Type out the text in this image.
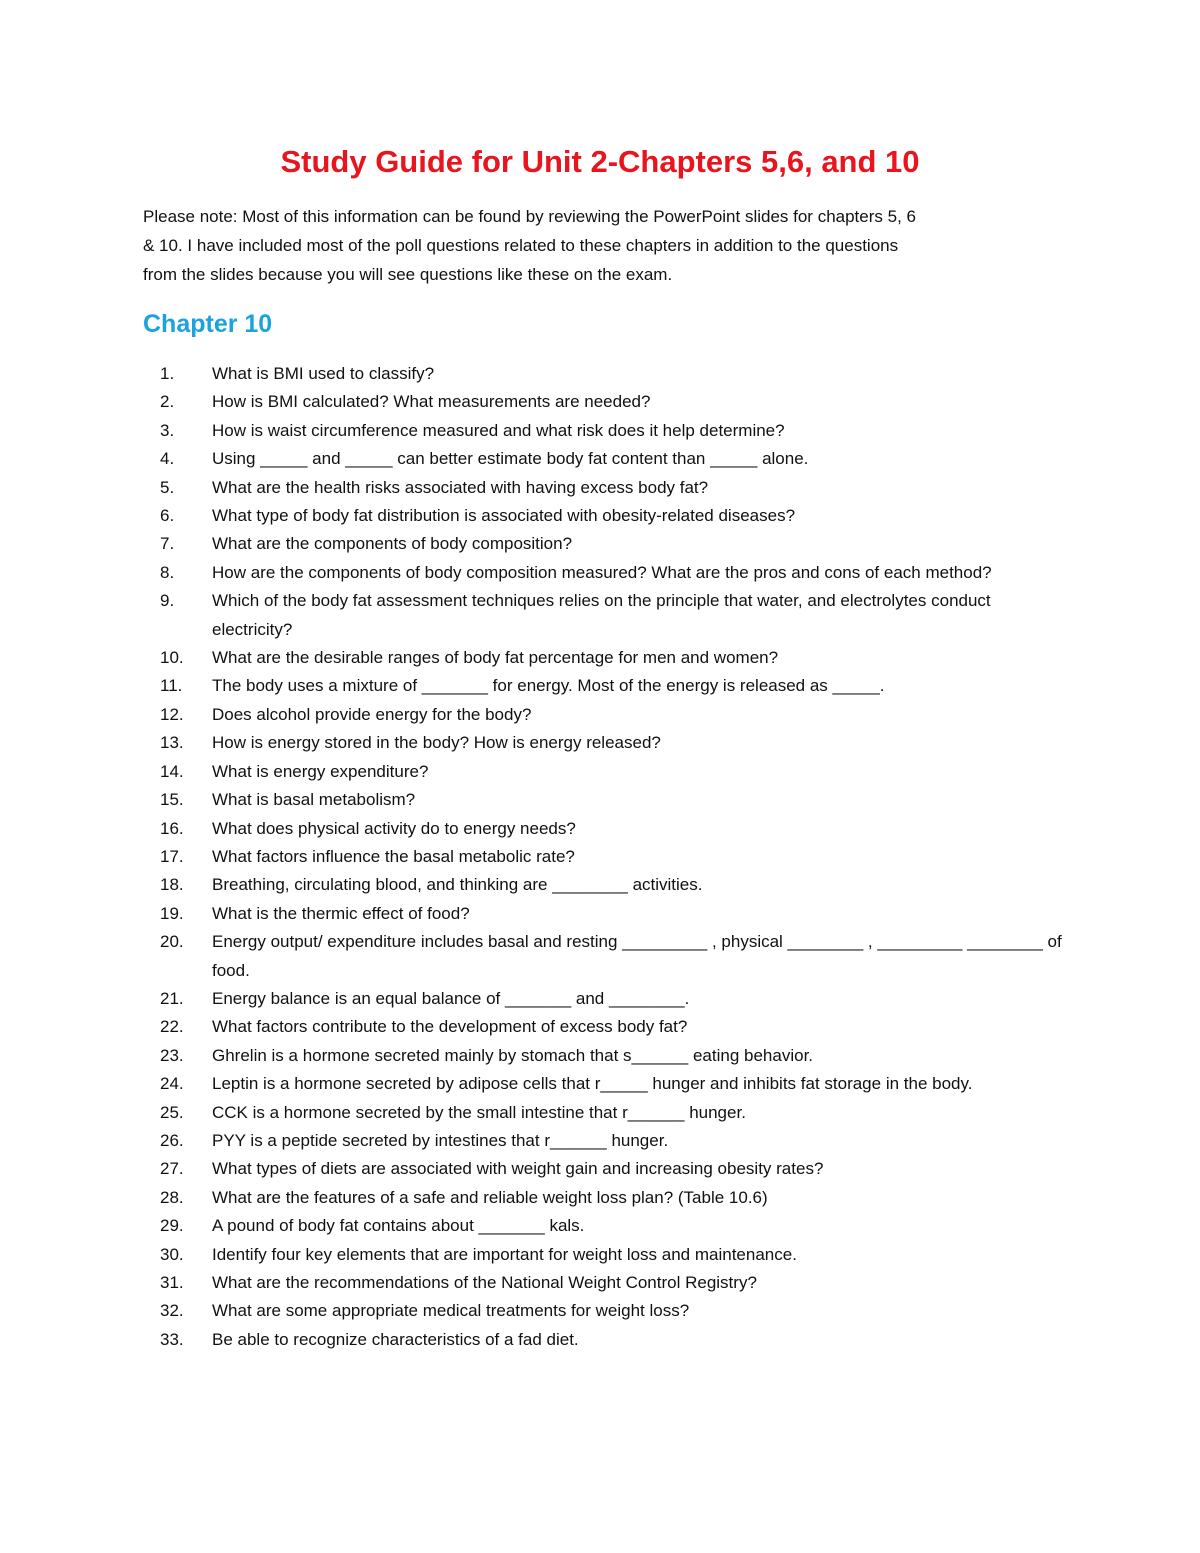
Study Guide for Unit 2-Chapters 5,6, and 10

Please note: Most of this information can be found by reviewing the PowerPoint slides for chapters 5, 6

& 10. I have included most of the poll questions related to these chapters in addition to the questions

from the slides because you will see questions like these on the exam.

Chapter 10
1.	What is BMI used to classify?
2.	How is BMI calculated? What measurements are needed?
3.	How is waist circumference measured and what risk does it help determine?
4.	Using _____ and _____ can better estimate body fat content than _____ alone.
5.	What are the health risks associated with having excess body fat?
6.	What type of body fat distribution is associated with obesity-related diseases?
7.	What are the components of body composition?
8.	How are the components of body composition measured? What are the pros and cons of each method?
9.	Which of the body fat assessment techniques relies on the principle that water, and electrolytes conduct electricity?
10.	What are the desirable ranges of body fat percentage for men and women?
11.	The body uses a mixture of _______ for energy. Most of the energy is released as _____.
12.	Does alcohol provide energy for the body?
13.	How is energy stored in the body? How is energy released?
14.	What is energy expenditure?
15.	What is basal metabolism?
16.	What does physical activity do to energy needs?
17.	What factors influence the basal metabolic rate?
18.	Breathing, circulating blood, and thinking are ________ activities.
19.	What is the thermic effect of food?
20.	Energy output/ expenditure includes basal and resting _________ , physical ________ , _________ ________ of food.
21.	Energy balance is an equal balance of _______ and ________.
22.	What factors contribute to the development of excess body fat?
23.	Ghrelin is a hormone secreted mainly by stomach that s______ eating behavior.
24.	Leptin is a hormone secreted by adipose cells that r_____ hunger and inhibits fat storage in the body.
25.	CCK is a hormone secreted by the small intestine that r______ hunger.
26.	PYY is a peptide secreted by intestines that r______ hunger.
27.	What types of diets are associated with weight gain and increasing obesity rates?
28.	What are the features of a safe and reliable weight loss plan? (Table 10.6)
29.	A pound of body fat contains about _______ kals.
30.	Identify four key elements that are important for weight loss and maintenance.
31.	What are the recommendations of the National Weight Control Registry?
32.	What are some appropriate medical treatments for weight loss?
33.	Be able to recognize characteristics of a fad diet.
